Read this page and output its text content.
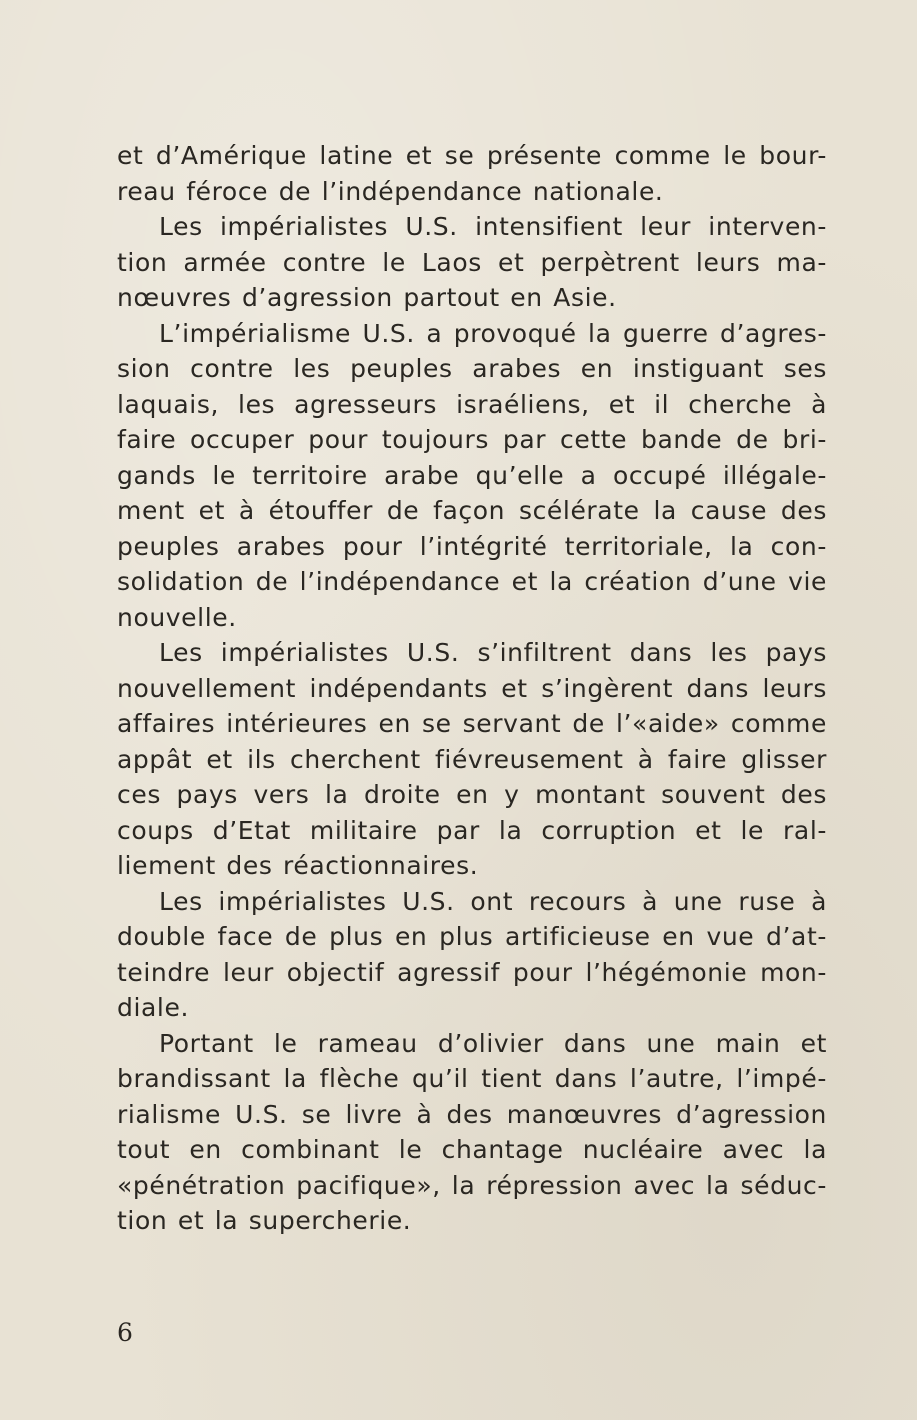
et d’Amérique latine et se présente comme le bour-
reau féroce de l’indépendance nationale.
Les impérialistes U.S. intensifient leur interven-
tion armée contre le Laos et perpètrent leurs ma-
nœuvres d’agression partout en Asie.
L’impérialisme U.S. a provoqué la guerre d’agres-
sion contre les peuples arabes en instiguant ses
laquais, les agresseurs israéliens, et il cherche à
faire occuper pour toujours par cette bande de bri-
gands le territoire arabe qu’elle a occupé illégale-
ment et à étouffer de façon scélérate la cause des
peuples arabes pour l’intégrité territoriale, la con-
solidation de l’indépendance et la création d’une vie
nouvelle.
Les impérialistes U.S. s’infiltrent dans les pays
nouvellement indépendants et s’ingèrent dans leurs
affaires intérieures en se servant de l’«aide» comme
appât et ils cherchent fiévreusement à faire glisser
ces pays vers la droite en y montant souvent des
coups d’Etat militaire par la corruption et le ral-
liement des réactionnaires.
Les impérialistes U.S. ont recours à une ruse à
double face de plus en plus artificieuse en vue d’at-
teindre leur objectif agressif pour l’hégémonie mon-
diale.
Portant le rameau d’olivier dans une main et
brandissant la flèche qu’il tient dans l’autre, l’impé-
rialisme U.S. se livre à des manœuvres d’agression
tout en combinant le chantage nucléaire avec la
«pénétration pacifique», la répression avec la séduc-
tion et la supercherie.
6
